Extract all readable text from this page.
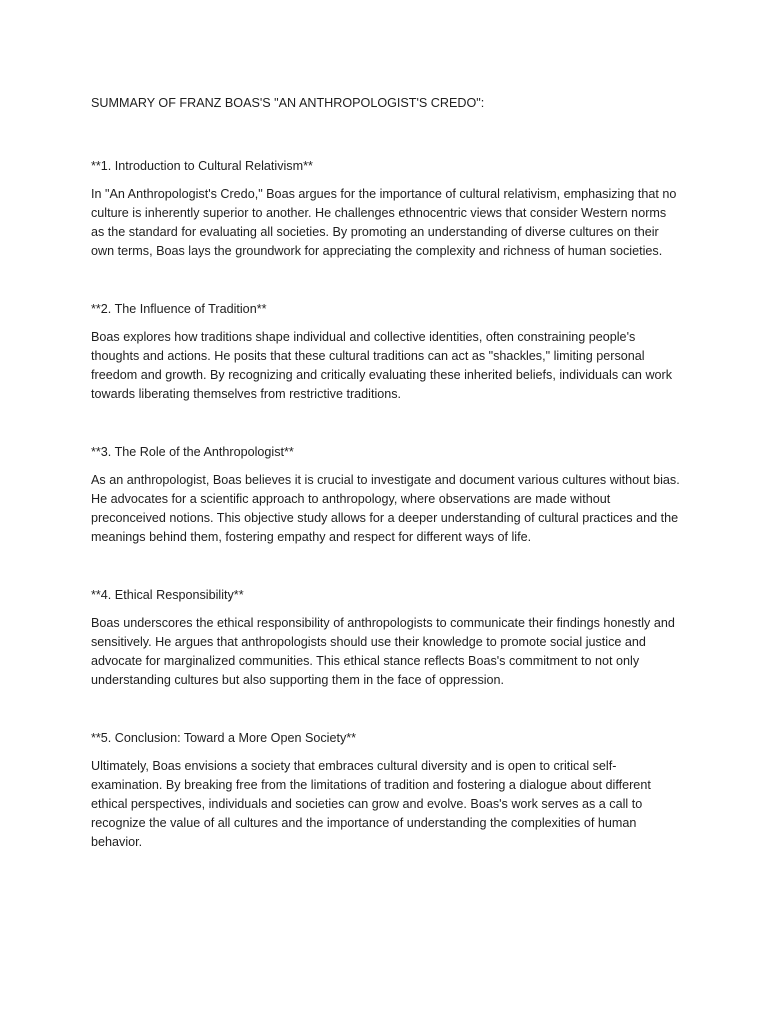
SUMMARY OF FRANZ BOAS'S "AN ANTHROPOLOGIST'S CREDO":

**1. Introduction to Cultural Relativism**

In "An Anthropologist's Credo," Boas argues for the importance of cultural relativism, emphasizing that no culture is inherently superior to another. He challenges ethnocentric views that consider Western norms as the standard for evaluating all societies. By promoting an understanding of diverse cultures on their own terms, Boas lays the groundwork for appreciating the complexity and richness of human societies.

**2. The Influence of Tradition**

Boas explores how traditions shape individual and collective identities, often constraining people's thoughts and actions. He posits that these cultural traditions can act as "shackles," limiting personal freedom and growth. By recognizing and critically evaluating these inherited beliefs, individuals can work towards liberating themselves from restrictive traditions.

**3. The Role of the Anthropologist**

As an anthropologist, Boas believes it is crucial to investigate and document various cultures without bias. He advocates for a scientific approach to anthropology, where observations are made without preconceived notions. This objective study allows for a deeper understanding of cultural practices and the meanings behind them, fostering empathy and respect for different ways of life.

**4. Ethical Responsibility**

Boas underscores the ethical responsibility of anthropologists to communicate their findings honestly and sensitively. He argues that anthropologists should use their knowledge to promote social justice and advocate for marginalized communities. This ethical stance reflects Boas's commitment to not only understanding cultures but also supporting them in the face of oppression.

**5. Conclusion: Toward a More Open Society**

Ultimately, Boas envisions a society that embraces cultural diversity and is open to critical self-examination. By breaking free from the limitations of tradition and fostering a dialogue about different ethical perspectives, individuals and societies can grow and evolve. Boas's work serves as a call to recognize the value of all cultures and the importance of understanding the complexities of human behavior.
